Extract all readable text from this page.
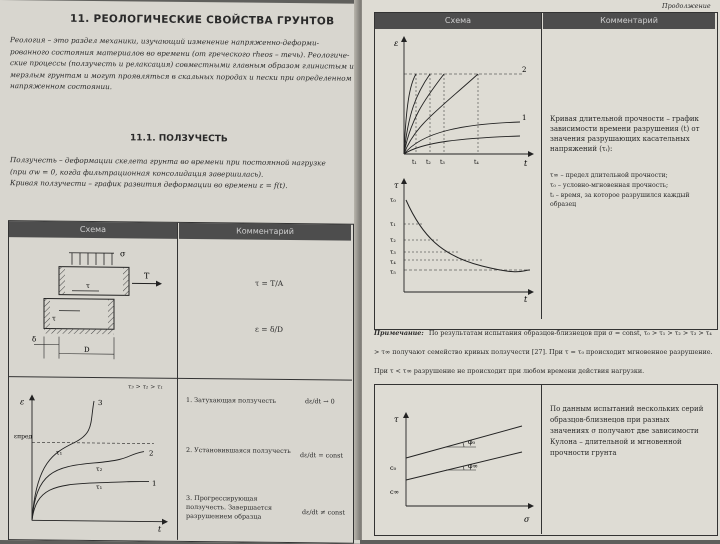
11. РЕОЛОГИЧЕСКИЕ СВОЙСТВА ГРУНТОВ
Реология – это раздел механики, изучающий изменение напряженно-деформи-
рованного состояния материалов во времени (от греческого rheos – течь). Реологиче-
ские процессы (ползучесть и релаксация) совместными главным образом глинистым и
мерзлым грунтам и могут проявляться в скальных породах и пески при определенном
напряженном состоянии.
11.1. ПОЛЗУЧЕСТЬ
Ползучесть – деформации скелета грунта во времени при постоянной нагрузке
(при σw = 0, когда фильтрационная консолидация завершилась).
Кривая ползучести – график развития деформации во времени ε = f(t).
Схема	Комментарий
σ
T
τ
τ
δ
D
τ = T/A
ε = δ/D
τ₃ > τ₂ > τ₁
ε
t
εпред
3
2
1
τ₁
τ₂
τ₁
1. Затухающая ползучесть	dε/dt → 0
2. Установившаяся ползучесть
dε/dt = const
3. Прогрессирующая ползучесть. Завершается разрушением образца	dε/dt ≠ const
Продолжение
Схема	Комментарий
ε
t
t₁ t₂ t₃	t₄
2
1
τ
t
τ₀
τ₁
τ₂
τ₃
τ₄
τ₅
Кривая длительной прочности – график зависимости времени разрушения (t) от значения разрушающих касательных напряжений (τᵢ):
τ∞ – предел длительной прочности;
τ₀ – условно-мгновенная прочность;
tᵢ – время, за которое разрушился каждый образец
Примечание: По результатам испытания образцов-близнецов при σ = const, τ₀ > τ₁ > τ₂ > τ₃ > τ₄ > τ∞ получают семейство кривых ползучести [27]. При τ = τ₀ происходит мгновенное разрушение. При τ < τ∞ разрушение не происходит при любом времени действия нагрузки.
τ
σ
φ₀
φ∞
c₀
c∞
По данным испытаний нескольких серий образцов-близнецов при разных значениях σ получают две зависимости Кулона – длительной и мгновенной прочности грунта
